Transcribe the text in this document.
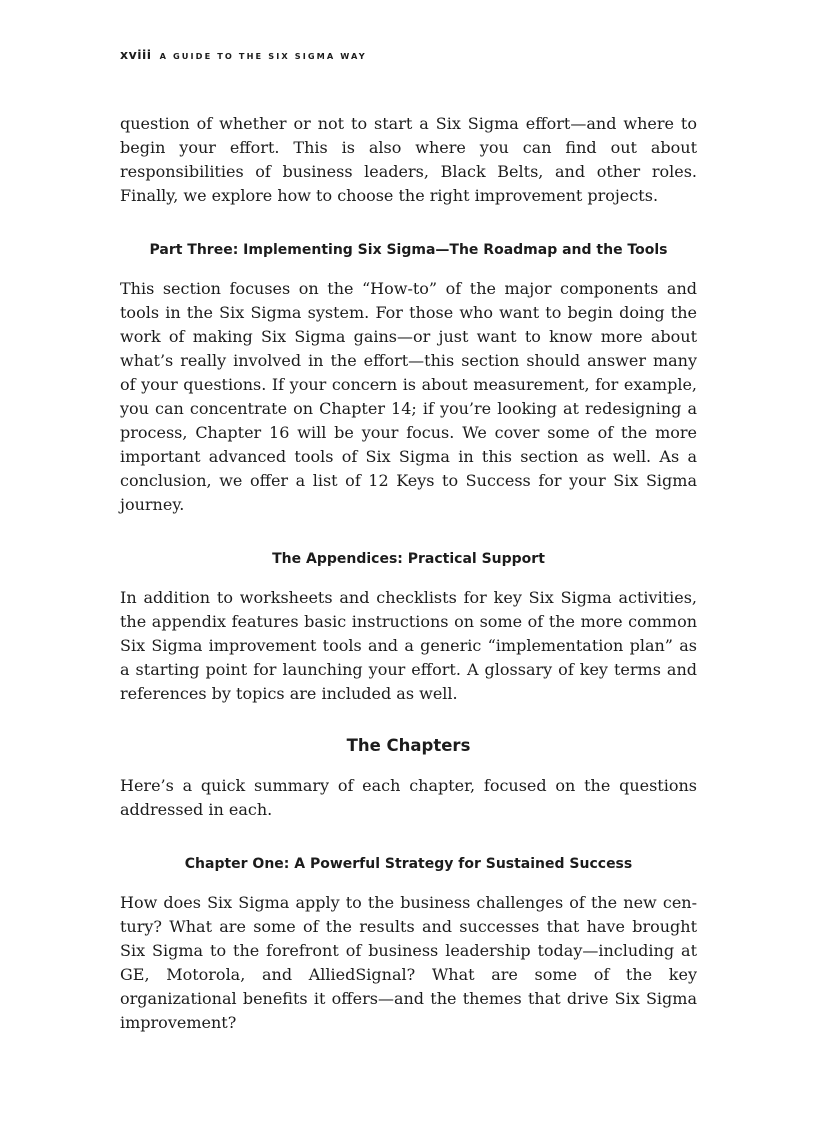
xviii A GUIDE TO THE SIX SIGMA WAY

question of whether or not to start a Six Sigma effort—and where to begin your effort. This is also where you can find out about responsibilities of business leaders, Black Belts, and other roles. Finally, we explore how to choose the right improvement projects.

Part Three: Implementing Six Sigma—The Roadmap and the Tools

This section focuses on the “How-to” of the major components and tools in the Six Sigma system. For those who want to begin doing the work of making Six Sigma gains—or just want to know more about what’s really involved in the effort—this section should answer many of your questions. If your concern is about measurement, for example, you can concentrate on Chapter 14; if you’re looking at redesigning a process, Chapter 16 will be your focus. We cover some of the more important advanced tools of Six Sigma in this section as well. As a conclusion, we offer a list of 12 Keys to Success for your Six Sigma journey.

The Appendices: Practical Support

In addition to worksheets and checklists for key Six Sigma activities, the appendix features basic instructions on some of the more common Six Sigma improvement tools and a generic “implementation plan” as a starting point for launching your effort. A glossary of key terms and references by topics are included as well.

The Chapters

Here’s a quick summary of each chapter, focused on the questions addressed in each.

Chapter One: A Powerful Strategy for Sustained Success

How does Six Sigma apply to the business challenges of the new century? What are some of the results and successes that have brought Six Sigma to the forefront of business leadership today—including at GE, Motorola, and AlliedSignal? What are some of the key organizational benefits it offers—and the themes that drive Six Sigma improvement?
